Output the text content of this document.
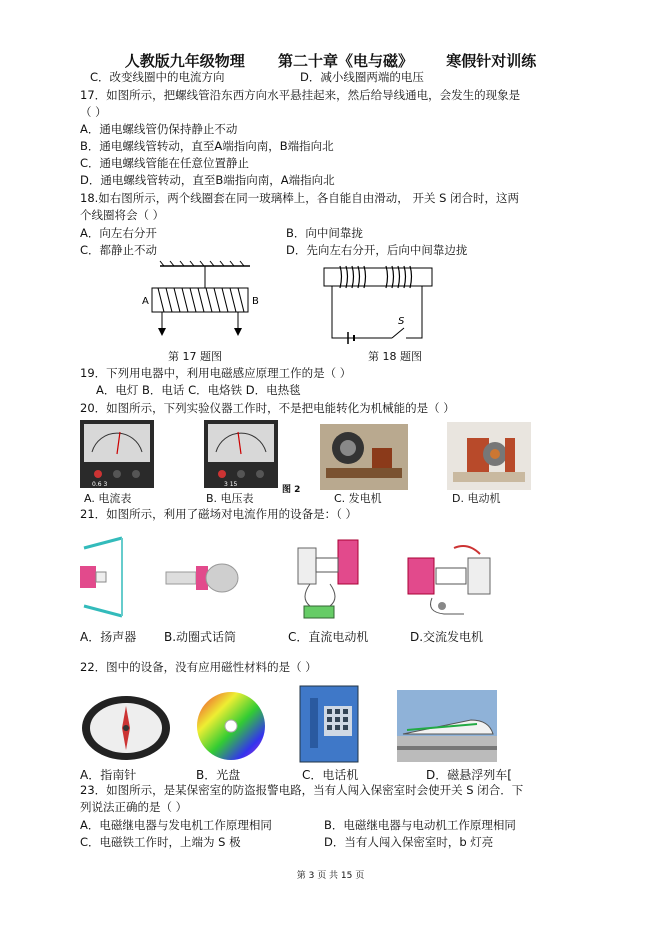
人教版九年级物理 第二十章《电与磁》 寒假针对训练
C．改变线圈中的电流方向	D．减小线圈两端的电压
17．如图所示，把螺线管沿东西方向水平悬挂起来，然后给导线通电，会发生的现象是
（ ）
A．通电螺线管仍保持静止不动
B．通电螺线管转动，直至A端指向南，B端指向北
C．通电螺线管能在任意位置静止
D．通电螺线管转动，直至B端指向南，A端指向北
18.如右图所示，两个线圈套在同一玻璃棒上，各自能自由滑动， 开关 S 闭合时，这两
个线圈将会（ ）
A．向左右分开	B．向中间靠拢
C．都静止不动	D．先向左右分开，后向中间靠边拢
A	B
第 17 题图
S
第 18 题图
19．下列用电器中，利用电磁感应原理工作的是（ ）
A．电灯 B．电话 C．电烙铁 D．电热毯
20．如图所示，下列实验仪器工作时，不是把电能转化为机械能的是（ ）
0.6 3	3 15
图 2
A. 电流表	B. 电压表	C. 发电机	D. 电动机
21．如图所示，利用了磁场对电流作用的设备是：（ ）
A．扬声器 B.动圈式话筒	C．直流电动机	D.交流发电机
22．图中的设备，没有应用磁性材料的是（ ）
A．指南针	B．光盘	C．电话机	D．磁悬浮列车[
23．如图所示，是某保密室的防盗报警电路，当有人闯入保密室时会使开关 S 闭合．下
列说法正确的是（ ）
A．电磁继电器与发电机工作原理相同	B．电磁继电器与电动机工作原理相同
C．电磁铁工作时，上端为 S 极	D．当有人闯入保密室时，b 灯亮
第 3 页 共 15 页
